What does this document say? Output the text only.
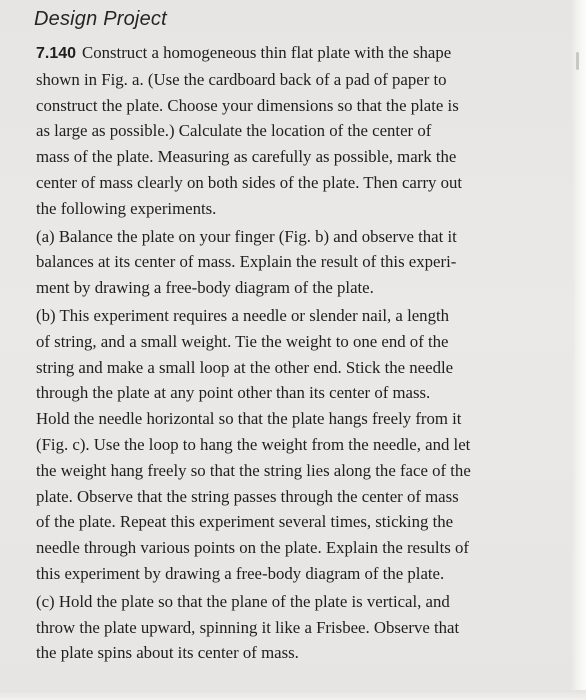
Design Project

7.140 Construct a homogeneous thin flat plate with the shape
shown in Fig. a. (Use the cardboard back of a pad of paper to
construct the plate. Choose your dimensions so that the plate is
as large as possible.) Calculate the location of the center of
mass of the plate. Measuring as carefully as possible, mark the
center of mass clearly on both sides of the plate. Then carry out
the following experiments.

(a) Balance the plate on your finger (Fig. b) and observe that it
balances at its center of mass. Explain the result of this experi-
ment by drawing a free-body diagram of the plate.

(b) This experiment requires a needle or slender nail, a length
of string, and a small weight. Tie the weight to one end of the
string and make a small loop at the other end. Stick the needle
through the plate at any point other than its center of mass.
Hold the needle horizontal so that the plate hangs freely from it
(Fig. c). Use the loop to hang the weight from the needle, and let
the weight hang freely so that the string lies along the face of the
plate. Observe that the string passes through the center of mass
of the plate. Repeat this experiment several times, sticking the
needle through various points on the plate. Explain the results of
this experiment by drawing a free-body diagram of the plate.

(c) Hold the plate so that the plane of the plate is vertical, and
throw the plate upward, spinning it like a Frisbee. Observe that
the plate spins about its center of mass.
